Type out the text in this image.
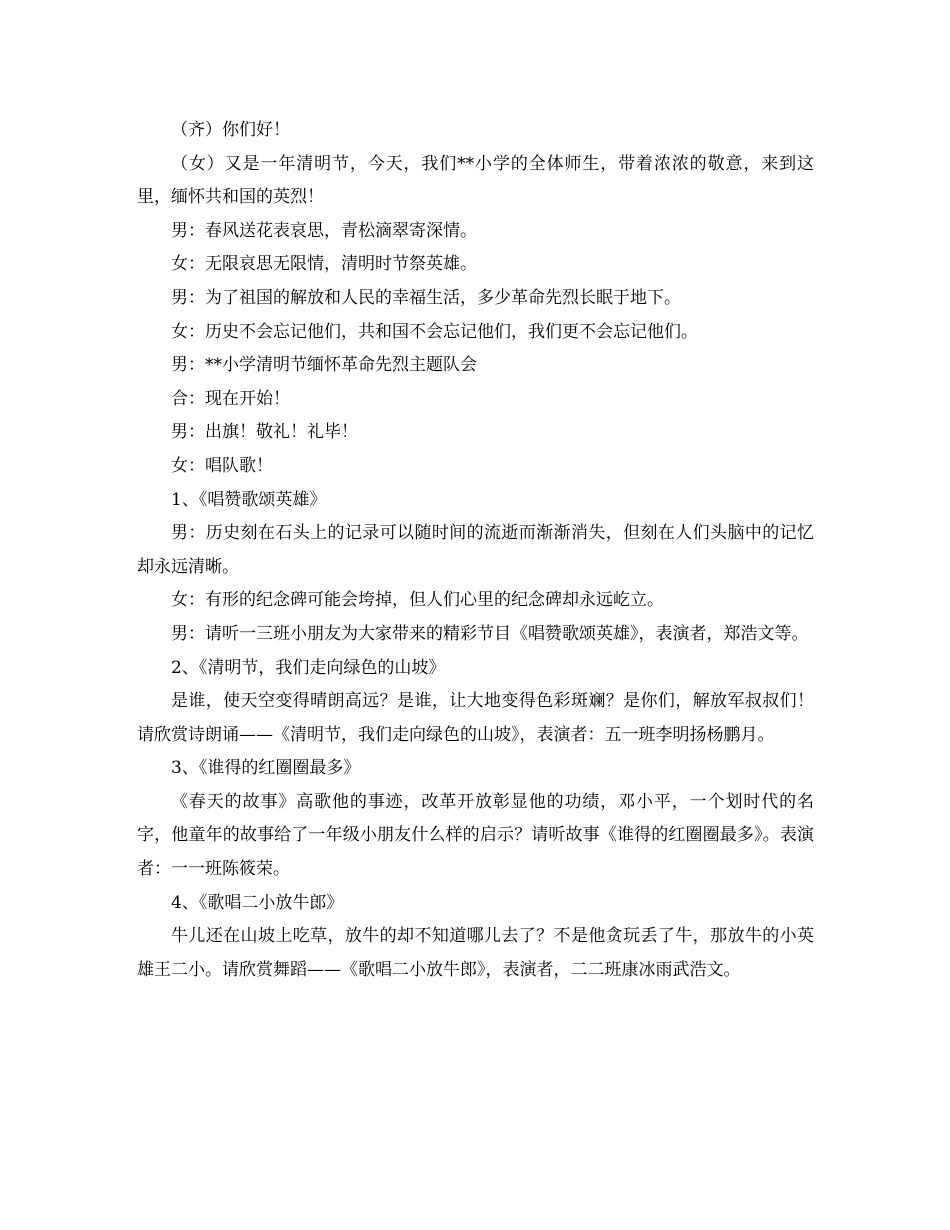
（齐）你们好！

（女）又是一年清明节，今天，我们**小学的全体师生，带着浓浓的敬意，来到这里，缅怀共和国的英烈！

男：春风送花表哀思，青松滴翠寄深情。

女：无限哀思无限情，清明时节祭英雄。

男：为了祖国的解放和人民的幸福生活，多少革命先烈长眠于地下。

女：历史不会忘记他们，共和国不会忘记他们，我们更不会忘记他们。

男：**小学清明节缅怀革命先烈主题队会

合：现在开始！

男：出旗！敬礼！礼毕！

女：唱队歌！

1、《唱赞歌颂英雄》

男：历史刻在石头上的记录可以随时间的流逝而渐渐消失，但刻在人们头脑中的记忆却永远清晰。

女：有形的纪念碑可能会垮掉，但人们心里的纪念碑却永远屹立。

男：请听一三班小朋友为大家带来的精彩节目《唱赞歌颂英雄》，表演者，郑浩文等。

2、《清明节，我们走向绿色的山坡》

是谁，使天空变得晴朗高远？是谁，让大地变得色彩斑斓？是你们，解放军叔叔们！请欣赏诗朗诵——《清明节，我们走向绿色的山坡》，表演者：五一班李明扬杨鹏月。

3、《谁得的红圈圈最多》

《春天的故事》高歌他的事迹，改革开放彰显他的功绩，邓小平，一个划时代的名字，他童年的故事给了一年级小朋友什么样的启示？请听故事《谁得的红圈圈最多》。表演者：一一班陈筱荣。

4、《歌唱二小放牛郎》

牛儿还在山坡上吃草，放牛的却不知道哪儿去了？不是他贪玩丢了牛，那放牛的小英雄王二小。请欣赏舞蹈——《歌唱二小放牛郎》，表演者，二二班康冰雨武浩文。
